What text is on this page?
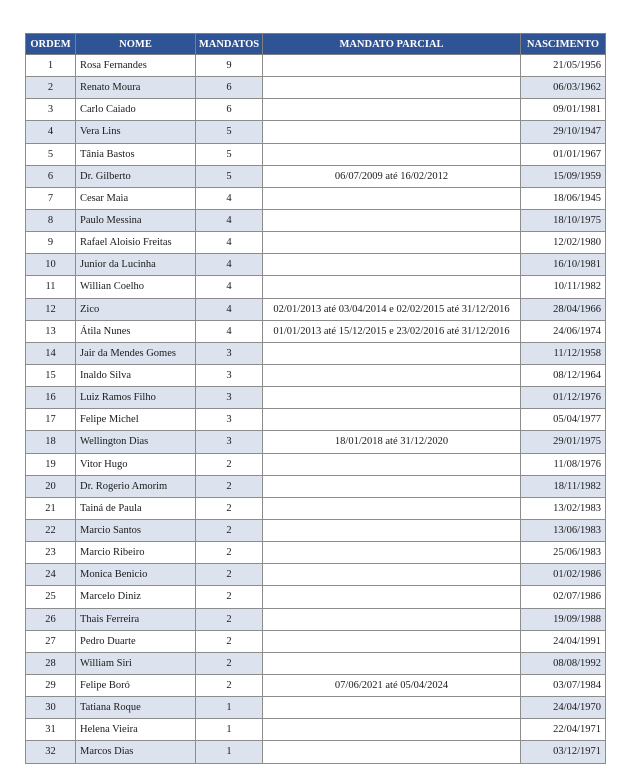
ORDEM	NOME	MANDATOS	MANDATO PARCIAL	NASCIMENTO
1	Rosa Fernandes	9		21/05/1956
2	Renato Moura	6		06/03/1962
3	Carlo Caiado	6		09/01/1981
4	Vera Lins	5		29/10/1947
5	Tânia Bastos	5		01/01/1967
6	Dr. Gilberto	5	06/07/2009 até 16/02/2012	15/09/1959
7	Cesar Maia	4		18/06/1945
8	Paulo Messina	4		18/10/1975
9	Rafael Aloisio Freitas	4		12/02/1980
10	Junior da Lucinha	4		16/10/1981
11	Willian Coelho	4		10/11/1982
12	Zico	4	02/01/2013 até 03/04/2014 e 02/02/2015 até 31/12/2016	28/04/1966
13	Átila Nunes	4	01/01/2013 até 15/12/2015 e 23/02/2016 até 31/12/2016	24/06/1974
14	Jair da Mendes Gomes	3		11/12/1958
15	Inaldo Silva	3		08/12/1964
16	Luiz Ramos Filho	3		01/12/1976
17	Felipe Michel	3		05/04/1977
18	Wellington Dias	3	18/01/2018 até 31/12/2020	29/01/1975
19	Vitor Hugo	2		11/08/1976
20	Dr. Rogerio Amorim	2		18/11/1982
21	Tainá de Paula	2		13/02/1983
22	Marcio Santos	2		13/06/1983
23	Marcio Ribeiro	2		25/06/1983
24	Monica Benicio	2		01/02/1986
25	Marcelo Diniz	2		02/07/1986
26	Thais Ferreira	2		19/09/1988
27	Pedro Duarte	2		24/04/1991
28	William Siri	2		08/08/1992
29	Felipe Boró	2	07/06/2021 até 05/04/2024	03/07/1984
30	Tatiana Roque	1		24/04/1970
31	Helena Vieira	1		22/04/1971
32	Marcos Dias	1		03/12/1971
